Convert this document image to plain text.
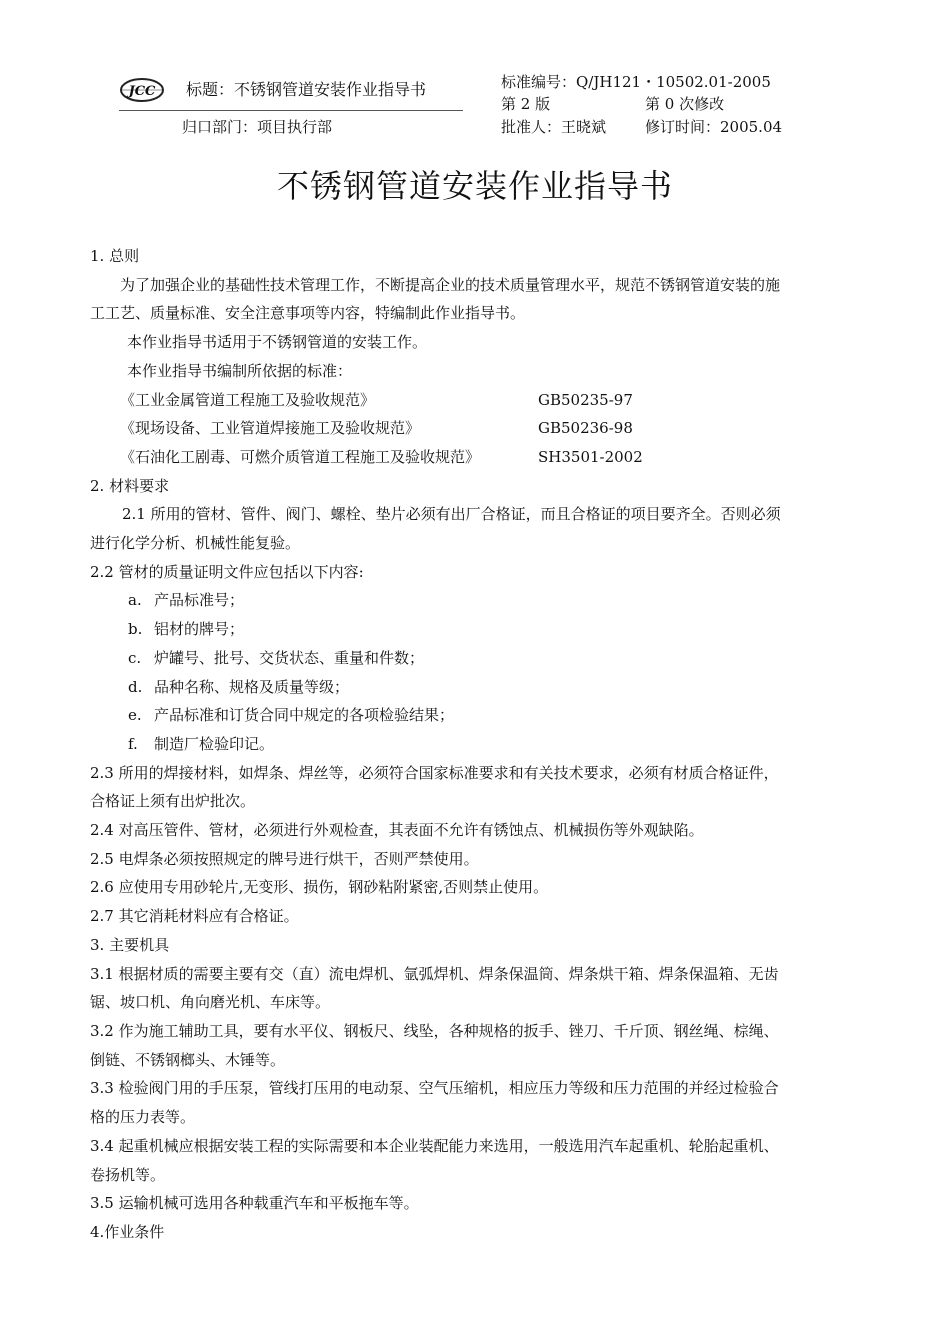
JCC 标题：不锈钢管道安装作业指导书	标准编号：Q/JH121・10502.01-2005
第 2 版	第 0 次修改
归口部门：项目执行部	批准人：王晓斌	修订时间：2005.04
不锈钢管道安装作业指导书

1. 总则

为了加强企业的基础性技术管理工作，不断提高企业的技术质量管理水平，规范不锈钢管道安装的施

工工艺、质量标准、安全注意事项等内容，特编制此作业指导书。

本作业指导书适用于不锈钢管道的安装工作。

本作业指导书编制所依据的标准：

《工业金属管道工程施工及验收规范》	GB50235-97
《现场设备、工业管道焊接施工及验收规范》	GB50236-98
《石油化工剧毒、可燃介质管道工程施工及验收规范》	SH3501-2002

2. 材料要求

2.1 所用的管材、管件、阀门、螺栓、垫片必须有出厂合格证，而且合格证的项目要齐全。否则必须

进行化学分析、机械性能复验。

2.2 管材的质量证明文件应包括以下内容:

a. 产品标准号；
b. 铝材的牌号；
c. 炉罐号、批号、交货状态、重量和件数；
d. 品种名称、规格及质量等级；
e. 产品标准和订货合同中规定的各项检验结果；
f. 制造厂检验印记。

2.3 所用的焊接材料，如焊条、焊丝等，必须符合国家标准要求和有关技术要求，必须有材质合格证件，

合格证上须有出炉批次。

2.4 对高压管件、管材，必须进行外观检查，其表面不允许有锈蚀点、机械损伤等外观缺陷。

2.5 电焊条必须按照规定的牌号进行烘干，否则严禁使用。

2.6 应使用专用砂轮片,无变形、损伤，钢砂粘附紧密,否则禁止使用。

2.7 其它消耗材料应有合格证。

3. 主要机具

3.1 根据材质的需要主要有交（直）流电焊机、氩弧焊机、焊条保温筒、焊条烘干箱、焊条保温箱、无齿

锯、坡口机、角向磨光机、车床等。

3.2 作为施工辅助工具，要有水平仪、钢板尺、线坠，各种规格的扳手、锉刀、千斤顶、钢丝绳、棕绳、

倒链、不锈钢榔头、木锤等。

3.3 检验阀门用的手压泵，管线打压用的电动泵、空气压缩机，相应压力等级和压力范围的并经过检验合

格的压力表等。

3.4 起重机械应根据安装工程的实际需要和本企业装配能力来选用，一般选用汽车起重机、轮胎起重机、

卷扬机等。

3.5 运输机械可选用各种载重汽车和平板拖车等。

4.作业条件
